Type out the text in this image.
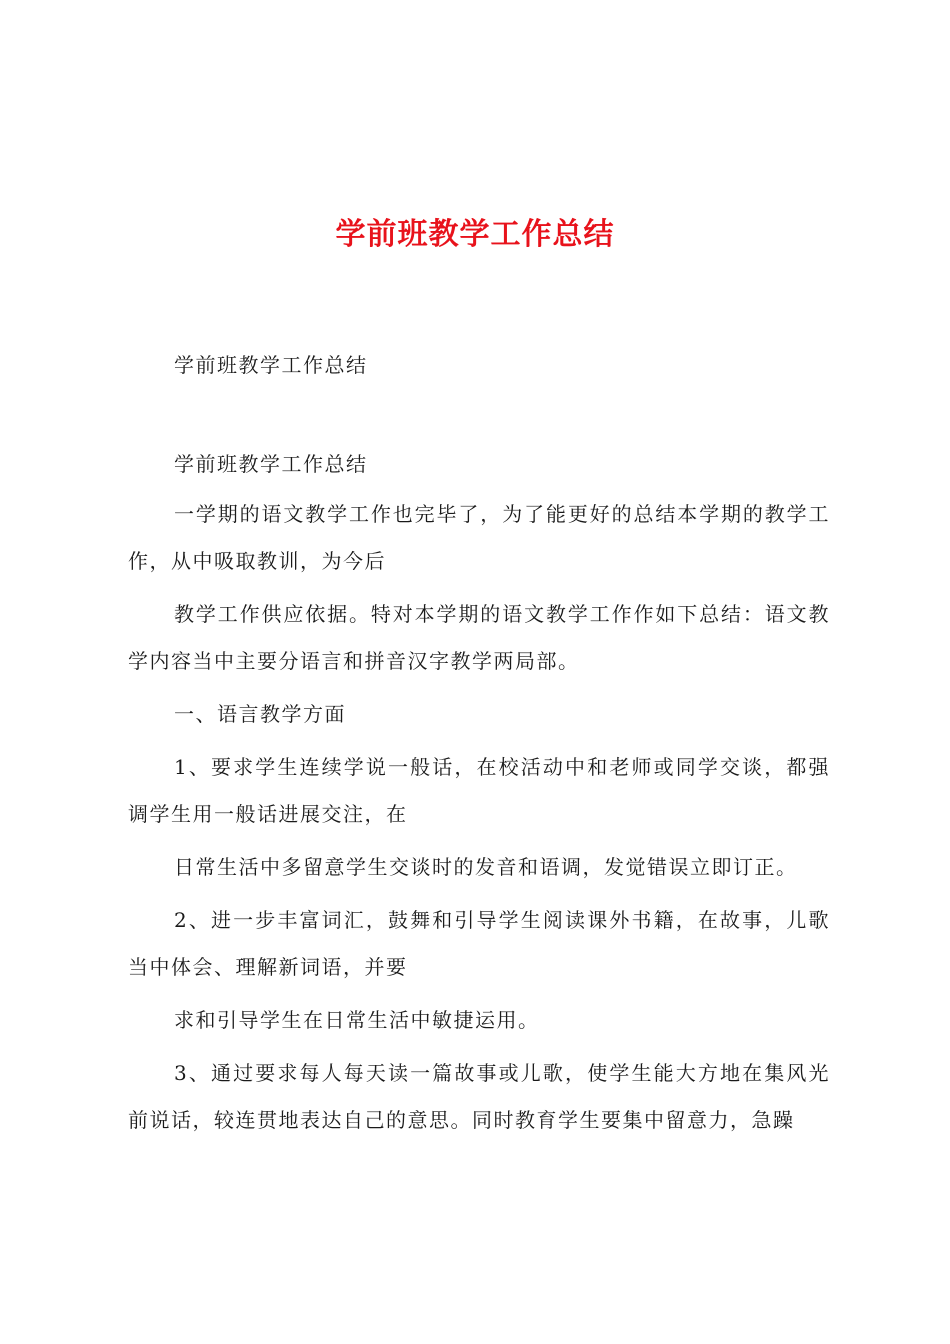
学前班教学工作总结

学前班教学工作总结

学前班教学工作总结

一学期的语文教学工作也完毕了，为了能更好的总结本学期的教学工作，从中吸取教训，为今后

教学工作供应依据。特对本学期的语文教学工作作如下总结：语文教学内容当中主要分语言和拼音汉字教学两局部。

一、语言教学方面

1、要求学生连续学说一般话，在校活动中和老师或同学交谈，都强调学生用一般话进展交注，在

日常生活中多留意学生交谈时的发音和语调，发觉错误立即订正。

2、进一步丰富词汇，鼓舞和引导学生阅读课外书籍，在故事，儿歌当中体会、理解新词语，并要

求和引导学生在日常生活中敏捷运用。

3、通过要求每人每天读一篇故事或儿歌，使学生能大方地在集风光前说话，较连贯地表达自己的意思。同时教育学生要集中留意力，急躁
